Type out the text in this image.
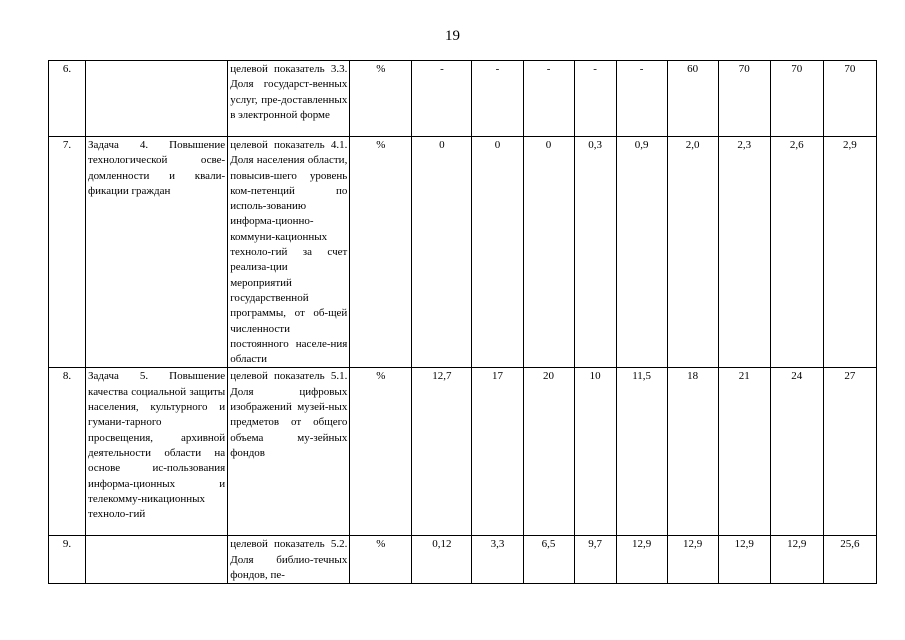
19
6.		целевой показатель 3.3. Доля государст-венных услуг, пре-доставленных в электронной форме	%	-	-	-	-	-	60	70	70	70
7.	Задача 4. Повышение технологической осве-домленности и квали-фикации граждан	целевой показатель 4.1. Доля населения области, повысив-шего уровень ком-петенций по исполь-зованию информа-ционно- коммуни-кационных техноло-гий за счет реализа-ции мероприятий государственной программы, от об-щей численности постоянного населе-ния области	%	0	0	0	0,3	0,9	2,0	2,3	2,6	2,9
8.	Задача 5. Повышение качества социальной защиты населения, культурного и гумани-тарного просвещения, архивной деятельности области на основе ис-пользования информа-ционных и телекомму-никационных техноло-гий	целевой показатель 5.1. Доля цифровых изображений музей-ных предметов от общего объема му-зейных фондов	%	12,7	17	20	10	11,5	18	21	24	27
9.		целевой показатель 5.2. Доля библио-течных фондов, пе-	%	0,12	3,3	6,5	9,7	12,9	12,9	12,9	12,9	25,6
